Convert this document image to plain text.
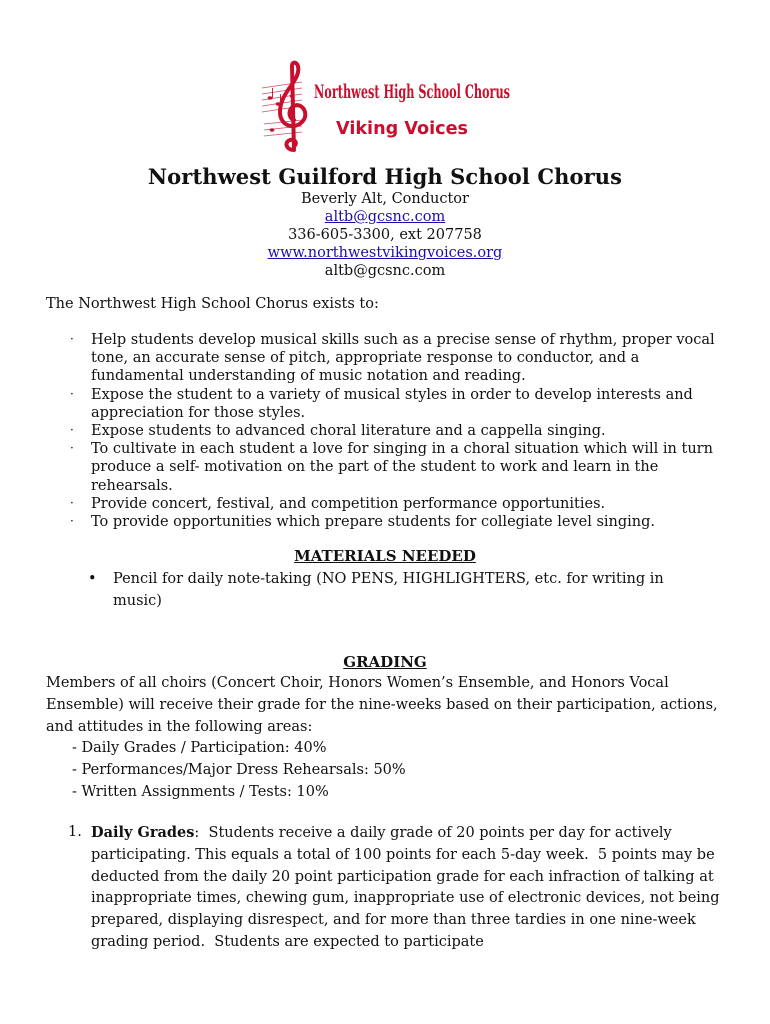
Northwest High School Chorus
Viking Voices
Northwest Guilford High School Chorus
Beverly Alt, Conductor
altb@gcsnc.com
336-605-3300, ext 207758
www.northwestvikingvoices.org
altb@gcsnc.com
The Northwest High School Chorus exists to:
· Help students develop musical skills such as a precise sense of rhythm, proper vocal tone, an accurate sense of pitch, appropriate response to conductor, and a fundamental understanding of music notation and reading.
· Expose the student to a variety of musical styles in order to develop interests and appreciation for those styles.
· Expose students to advanced choral literature and a cappella singing.
· To cultivate in each student a love for singing in a choral situation which will in turn produce a self- motivation on the part of the student to work and learn in the rehearsals.
· Provide concert, festival, and competition performance opportunities.
· To provide opportunities which prepare students for collegiate level singing.
MATERIALS NEEDED
• Pencil for daily note-taking (NO PENS, HIGHLIGHTERS, etc. for writing in music)
GRADING

Members of all choirs (Concert Choir, Honors Women’s Ensemble, and Honors Vocal Ensemble) will receive their grade for the nine-weeks based on their participation, actions, and attitudes in the following areas:

- Daily Grades / Participation: 40%
- Performances/Major Dress Rehearsals: 50%
- Written Assignments / Tests: 10%
1. Daily Grades:  Students receive a daily grade of 20 points per day for actively participating. This equals a total of 100 points for each 5-day week.  5 points may be deducted from the daily 20 point participation grade for each infraction of talking at inappropriate times, chewing gum, inappropriate use of electronic devices, not being prepared, displaying disrespect, and for more than three tardies in one nine-week grading period.  Students are expected to participate
